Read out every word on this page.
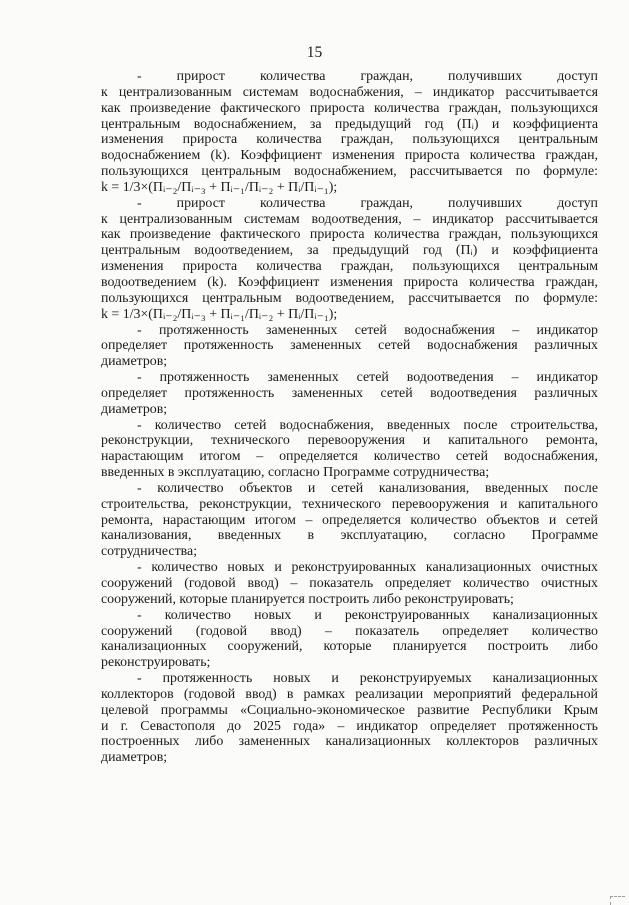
15
- прирост количества граждан, получивших доступ
к централизованным системам водоснабжения, – индикатор рассчитывается
как произведение фактического прироста количества граждан, пользующихся
центральным водоснабжением, за предыдущий год (Пᵢ) и коэффициента
изменения прироста количества граждан, пользующихся центральным
водоснабжением (k). Коэффициент изменения прироста количества граждан,
пользующихся центральным водоснабжением, рассчитывается по формуле:
k = 1/3×(Пᵢ₋₂/Пᵢ₋₃ + Пᵢ₋₁/Пᵢ₋₂ + Пᵢ/Пᵢ₋₁);
- прирост количества граждан, получивших доступ
к централизованным системам водоотведения, – индикатор рассчитывается
как произведение фактического прироста количества граждан, пользующихся
центральным водоотведением, за предыдущий год (Пᵢ) и коэффициента
изменения прироста количества граждан, пользующихся центральным
водоотведением (k). Коэффициент изменения прироста количества граждан,
пользующихся центральным водоотведением, рассчитывается по формуле:
k = 1/3×(Пᵢ₋₂/Пᵢ₋₃ + Пᵢ₋₁/Пᵢ₋₂ + Пᵢ/Пᵢ₋₁);
- протяженность замененных сетей водоснабжения – индикатор
определяет протяженность замененных сетей водоснабжения различных
диаметров;
- протяженность замененных сетей водоотведения – индикатор
определяет протяженность замененных сетей водоотведения различных
диаметров;
- количество сетей водоснабжения, введенных после строительства,
реконструкции, технического перевооружения и капитального ремонта,
нарастающим итогом – определяется количество сетей водоснабжения,
введенных в эксплуатацию, согласно Программе сотрудничества;
- количество объектов и сетей канализования, введенных после
строительства, реконструкции, технического перевооружения и капитального
ремонта, нарастающим итогом – определяется количество объектов и сетей
канализования, введенных в эксплуатацию, согласно Программе
сотрудничества;
- количество новых и реконструированных канализационных очистных
сооружений (годовой ввод) – показатель определяет количество очистных
сооружений, которые планируется построить либо реконструировать;
- количество новых и реконструированных канализационных
сооружений (годовой ввод) – показатель определяет количество
канализационных сооружений, которые планируется построить либо
реконструировать;
- протяженность новых и реконструируемых канализационных
коллекторов (годовой ввод) в рамках реализации мероприятий федеральной
целевой программы «Социально-экономическое развитие Республики Крым
и г. Севастополя до 2025 года» – индикатор определяет протяженность
построенных либо замененных канализационных коллекторов различных
диаметров;
